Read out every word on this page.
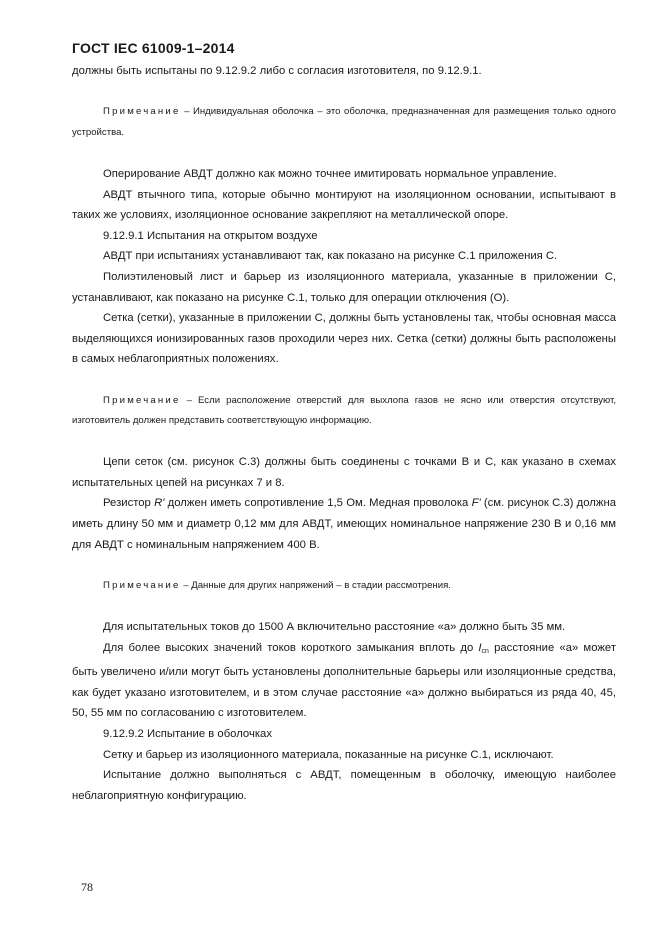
ГОСТ IEC 61009-1–2014

должны быть испытаны по 9.12.9.2 либо с согласия изготовителя, по 9.12.9.1.

Примечание – Индивидуальная оболочка – это оболочка, предназначенная для размещения только одного устройства.

Оперирование АВДТ должно как можно точнее имитировать нормальное управление.

АВДТ втычного типа, которые обычно монтируют на изоляционном основании, испытывают в таких же условиях, изоляционное основание закрепляют на металлической опоре.

9.12.9.1 Испытания на открытом воздухе

АВДТ при испытаниях устанавливают так, как показано на рисунке С.1 приложения С.

Полиэтиленовый лист и барьер из изоляционного материала, указанные в приложении С, устанавливают, как показано на рисунке С.1, только для операции отключения (О).

Сетка (сетки), указанные в приложении С, должны быть установлены так, чтобы основная масса выделяющихся ионизированных газов проходили через них. Сетка (сетки) должны быть расположены в самых неблагоприятных положениях.

Примечание – Если расположение отверстий для выхлопа газов не ясно или отверстия отсутствуют, изготовитель должен представить соответствующую информацию.

Цепи сеток (см. рисунок С.3) должны быть соединены с точками В и С, как указано в схемах испытательных цепей на рисунках 7 и 8.

Резистор R' должен иметь сопротивление 1,5 Ом. Медная проволока F' (см. рисунок С.3) должна иметь длину 50 мм и диаметр 0,12 мм для АВДТ, имеющих номинальное напряжение 230 В и 0,16 мм для АВДТ с номинальным напряжением 400 В.

Примечание – Данные для других напряжений – в стадии рассмотрения.

Для испытательных токов до 1500 А включительно расстояние «а» должно быть 35 мм.

Для более высоких значений токов короткого замыкания вплоть до $I_{cn}$ расстояние «а» может быть увеличено и/или могут быть установлены дополнительные барьеры или изоляционные средства, как будет указано изготовителем, и в этом случае расстояние «а» должно выбираться из ряда 40, 45, 50, 55 мм по согласованию с изготовителем.

9.12.9.2 Испытание в оболочках

Сетку и барьер из изоляционного материала, показанные на рисунке С.1, исключают.

Испытание должно выполняться с АВДТ, помещенным в оболочку, имеющую наиболее неблагоприятную конфигурацию.

78
